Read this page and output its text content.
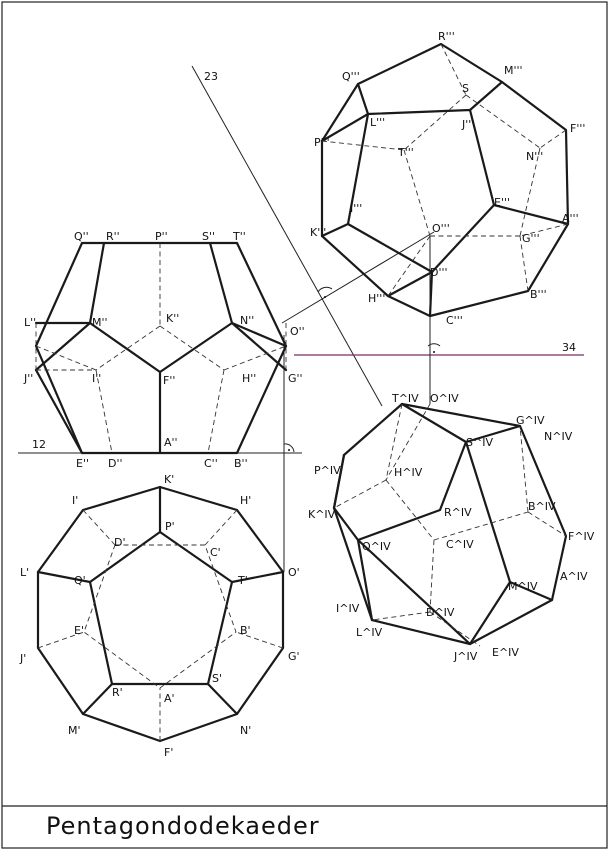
12
23
34
Q'' R''	P''	S'' T''
L''	M''	K''	N''
O''
J''	I''	F''	H''	G''
A''
E'' D''	C'' B''
K'
I'	H'
P'
D'
C'
L'
Q'	T'
O'
E'	B'
J'	G'
R'
S'
A'
M'	N'
F'
R'''
Q'''	M'''
S
L'''	J'''	F'''
P'''
T'''	N'''
E'''
I'''
K'''	O'''
G'''
A'''
D'''
H'''	B'''
C'''
T^IV O^IV
G^IV
N^IV
S^IV
P^IV	H^IV
K^IV	R^IV	B^IV
F^IV
Q^IV	C^IV
M^IV
A^IV
I^IV	D^IV
L^IV
J^IV E^IV
Pentagondodekaeder
